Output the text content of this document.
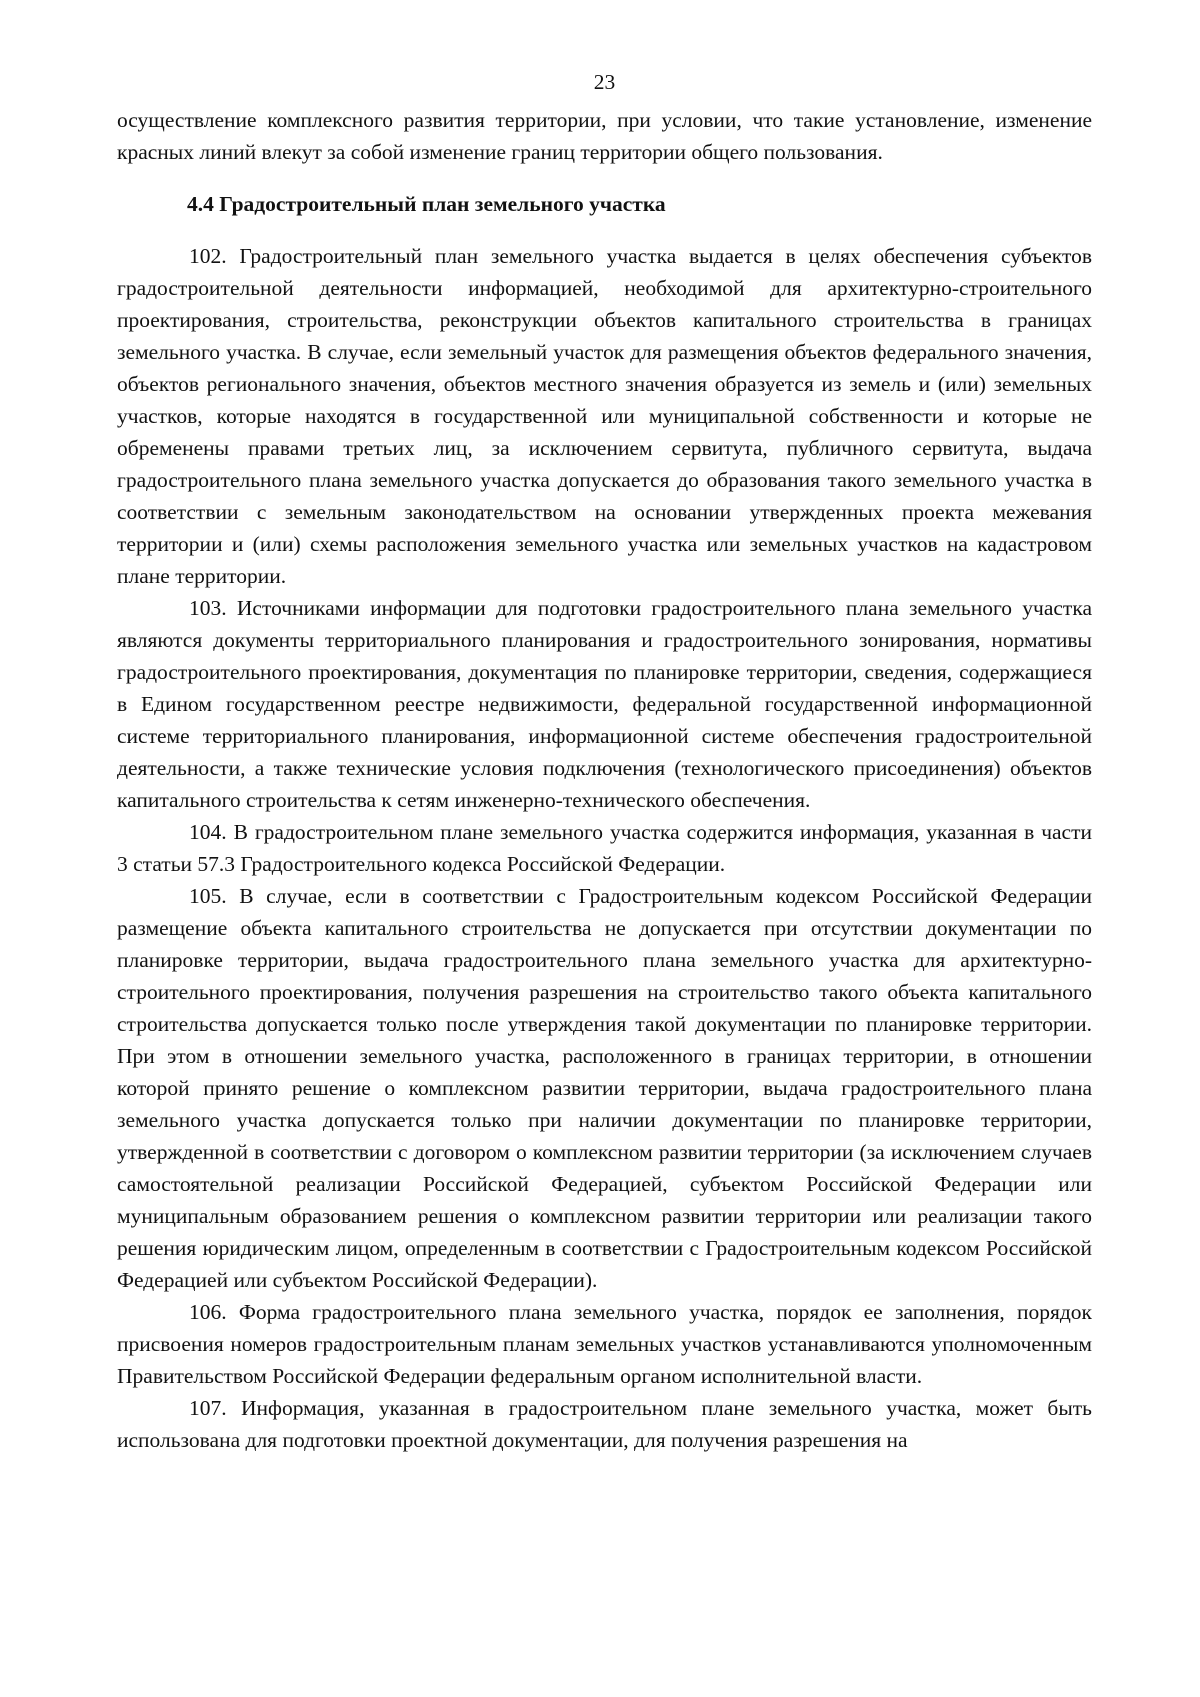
23

осуществление комплексного развития территории, при условии, что такие установление, изменение красных линий влекут за собой изменение границ территории общего пользования.

4.4 Градостроительный план земельного участка

102. Градостроительный план земельного участка выдается в целях обеспечения субъектов градостроительной деятельности информацией, необходимой для архитектурно-строительного проектирования, строительства, реконструкции объектов капитального строительства в границах земельного участка. В случае, если земельный участок для размещения объектов федерального значения, объектов регионального значения, объектов местного значения образуется из земель и (или) земельных участков, которые находятся в государственной или муниципальной собственности и которые не обременены правами третьих лиц, за исключением сервитута, публичного сервитута, выдача градостроительного плана земельного участка допускается до образования такого земельного участка в соответствии с земельным законодательством на основании утвержденных проекта межевания территории и (или) схемы расположения земельного участка или земельных участков на кадастровом плане территории.

103. Источниками информации для подготовки градостроительного плана земельного участка являются документы территориального планирования и градостроительного зонирования, нормативы градостроительного проектирования, документация по планировке территории, сведения, содержащиеся в Едином государственном реестре недвижимости, федеральной государственной информационной системе территориального планирования, информационной системе обеспечения градостроительной деятельности, а также технические условия подключения (технологического присоединения) объектов капитального строительства к сетям инженерно-технического обеспечения.

104. В градостроительном плане земельного участка содержится информация, указанная в части 3 статьи 57.3 Градостроительного кодекса Российской Федерации.

105. В случае, если в соответствии с Градостроительным кодексом Российской Федерации размещение объекта капитального строительства не допускается при отсутствии документации по планировке территории, выдача градостроительного плана земельного участка для архитектурно-строительного проектирования, получения разрешения на строительство такого объекта капитального строительства допускается только после утверждения такой документации по планировке территории. При этом в отношении земельного участка, расположенного в границах территории, в отношении которой принято решение о комплексном развитии территории, выдача градостроительного плана земельного участка допускается только при наличии документации по планировке территории, утвержденной в соответствии с договором о комплексном развитии территории (за исключением случаев самостоятельной реализации Российской Федерацией, субъектом Российской Федерации или муниципальным образованием решения о комплексном развитии территории или реализации такого решения юридическим лицом, определенным в соответствии с Градостроительным кодексом Российской Федерацией или субъектом Российской Федерации).

106. Форма градостроительного плана земельного участка, порядок ее заполнения, порядок присвоения номеров градостроительным планам земельных участков устанавливаются уполномоченным Правительством Российской Федерации федеральным органом исполнительной власти.

107. Информация, указанная в градостроительном плане земельного участка, может быть использована для подготовки проектной документации, для получения разрешения на
